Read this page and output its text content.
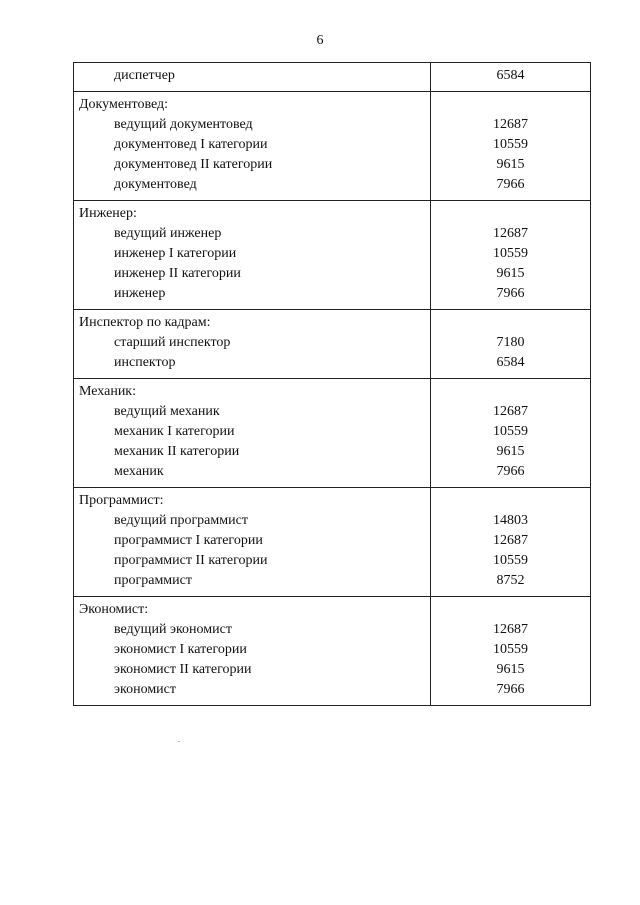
6
диспетчер	6584
Документовед:
ведущий документовед
документовед I категории
документовед II категории
документовед
12687
10559
9615
7966
Инженер:
ведущий инженер
инженер I категории
инженер II категории
инженер
12687
10559
9615
7966
Инспектор по кадрам:
старший инспектор
инспектор
7180
6584
Механик:
ведущий механик
механик I категории
механик II категории
механик
12687
10559
9615
7966
Программист:
ведущий программист
программист I категории
программист II категории
программист
14803
12687
10559
8752
Экономист:
ведущий экономист
экономист I категории
экономист II категории
экономист
12687
10559
9615
7966
